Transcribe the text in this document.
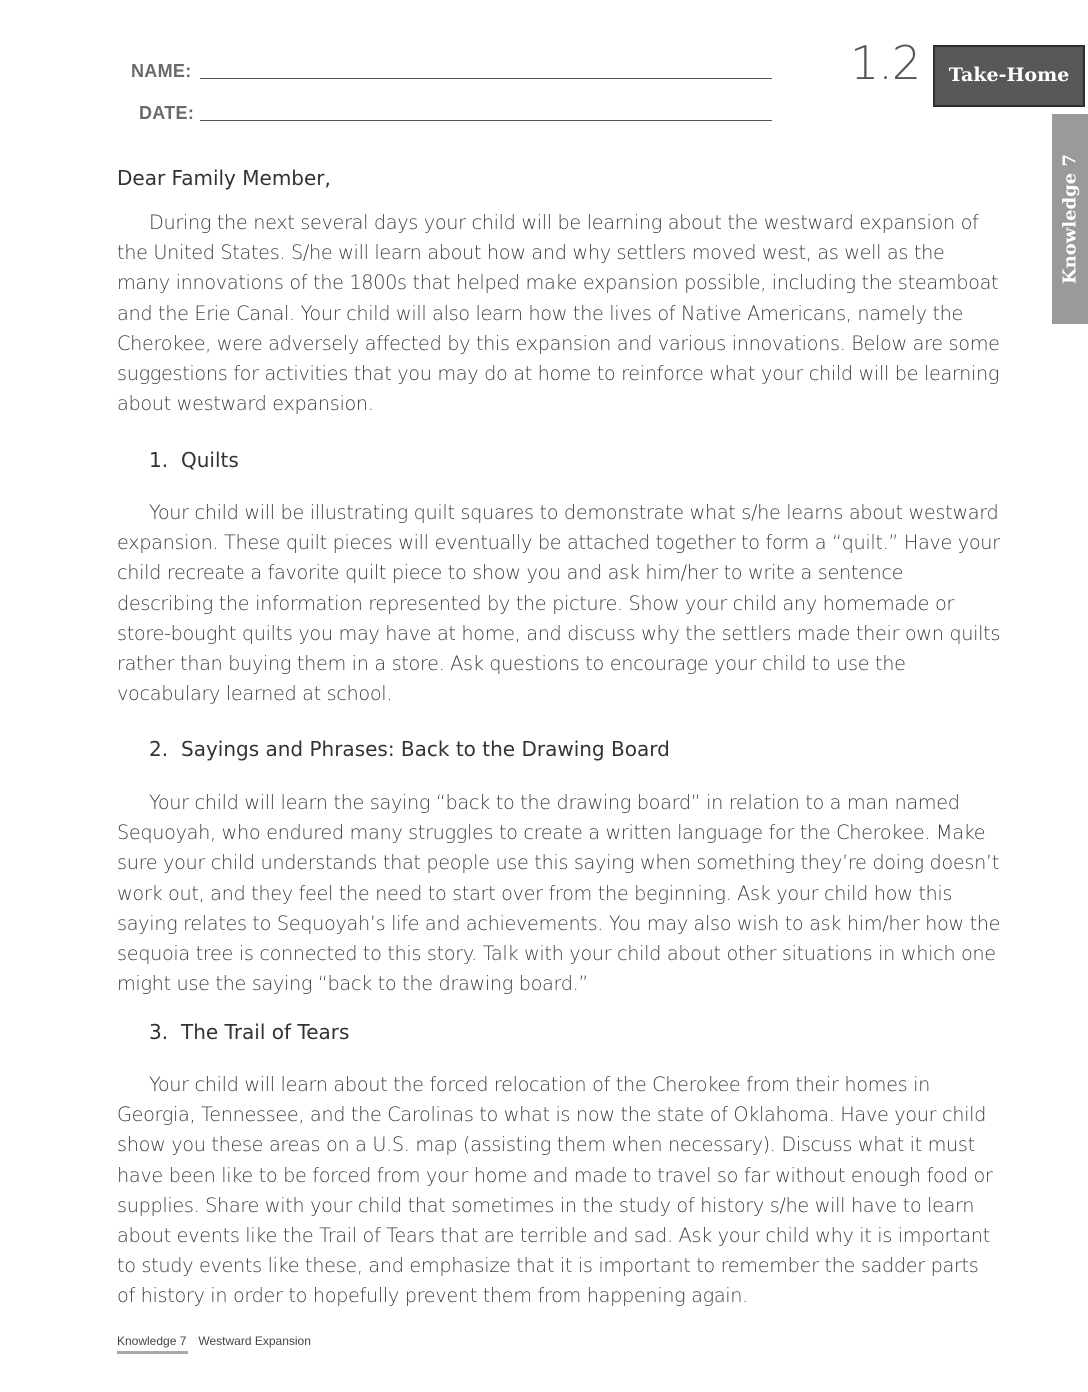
NAME:
DATE:
1.2	Take-Home
Knowledge 7
Dear Family Member,

During the next several days your child will be learning about the westward expansion of the United States. S/he will learn about how and why settlers moved west, as well as the many innovations of the 1800s that helped make expansion possible, including the steamboat and the Erie Canal. Your child will also learn how the lives of Native Americans, namely the Cherokee, were adversely affected by this expansion and various innovations. Below are some suggestions for activities that you may do at home to reinforce what your child will be learning about westward expansion.

1. Quilts

Your child will be illustrating quilt squares to demonstrate what s/he learns about westward expansion. These quilt pieces will eventually be attached together to form a “quilt.” Have your child recreate a favorite quilt piece to show you and ask him/her to write a sentence describing the information represented by the picture. Show your child any homemade or store-bought quilts you may have at home, and discuss why the settlers made their own quilts rather than buying them in a store. Ask questions to encourage your child to use the vocabulary learned at school.

2. Sayings and Phrases: Back to the Drawing Board

Your child will learn the saying “back to the drawing board” in relation to a man named Sequoyah, who endured many struggles to create a written language for the Cherokee. Make sure your child understands that people use this saying when something they’re doing doesn’t work out, and they feel the need to start over from the beginning. Ask your child how this saying relates to Sequoyah’s life and achievements. You may also wish to ask him/her how the sequoia tree is connected to this story. Talk with your child about other situations in which one might use the saying “back to the drawing board.”

3. The Trail of Tears

Your child will learn about the forced relocation of the Cherokee from their homes in Georgia, Tennessee, and the Carolinas to what is now the state of Oklahoma. Have your child show you these areas on a U.S. map (assisting them when necessary). Discuss what it must have been like to be forced from your home and made to travel so far without enough food or supplies. Share with your child that sometimes in the study of history s/he will have to learn about events like the Trail of Tears that are terrible and sad. Ask your child why it is important to study events like these, and emphasize that it is important to remember the sadder parts of history in order to hopefully prevent them from happening again.

Knowledge 7 Westward Expansion
